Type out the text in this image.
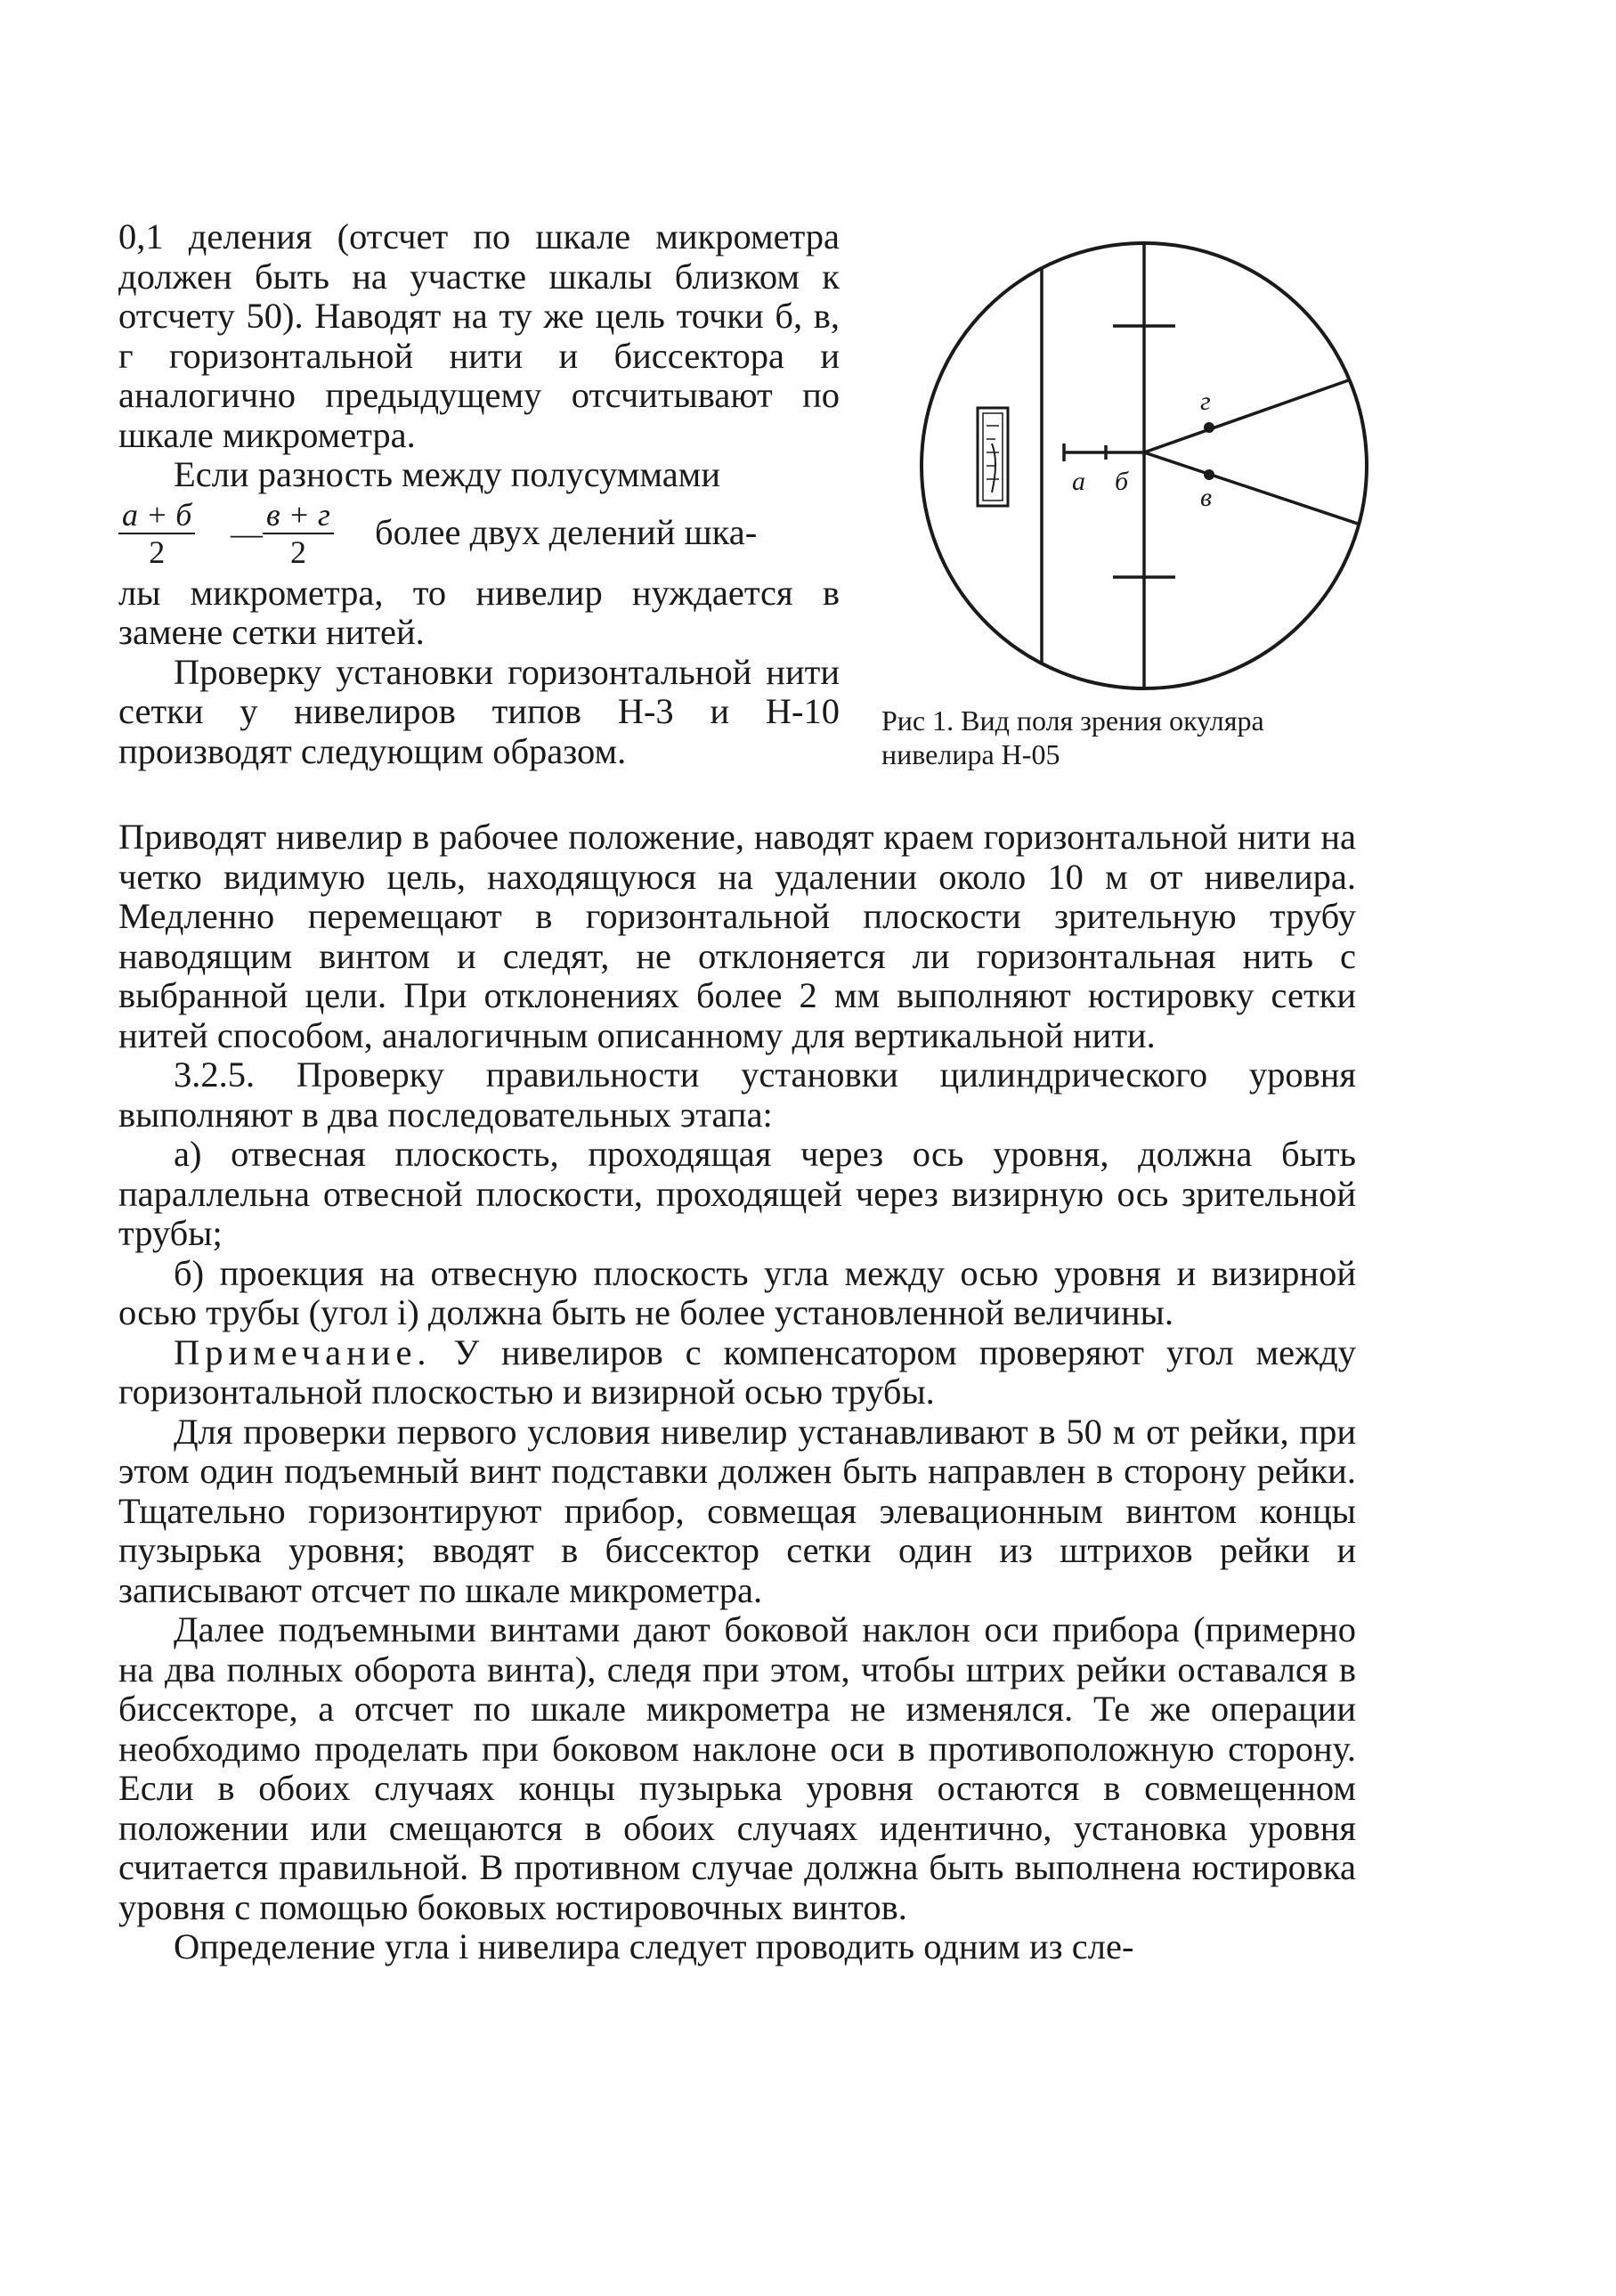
0,1 деления (отсчет по шкале микрометра должен быть на участке шкалы близком к отсчету 50). Наводят на ту же цель точки б, в, г горизонтальной нити и биссектора и аналогично предыдущему отсчитывают по шкале микрометра.

Если разность между полусуммами

а + б
2
—
в + г
2	более двух делений шка-

лы микрометра, то нивелир нуждается в замене сетки нитей.

Проверку установки горизонтальной нити сетки у нивелиров типов Н-3 и Н-10 производят следующим образом.

а б
г
в

Рис 1. Вид поля зрения окуляра нивелира Н-05

Приводят нивелир в рабочее положение, наводят краем горизонтальной нити на четко видимую цель, находящуюся на удалении около 10 м от нивелира. Медленно перемещают в горизонтальной плоскости зрительную трубу наводящим винтом и следят, не отклоняется ли горизонтальная нить с выбранной цели. При отклонениях более 2 мм выполняют юстировку сетки нитей способом, аналогичным описанному для вертикальной нити.

3.2.5. Проверку правильности установки цилиндрического уровня выполняют в два последовательных этапа:

а) отвесная плоскость, проходящая через ось уровня, должна быть параллельна отвесной плоскости, проходящей через визирную ось зрительной трубы;

б) проекция на отвесную плоскость угла между осью уровня и визирной осью трубы (угол i) должна быть не более установленной величины.

Примечание. У нивелиров с компенсатором проверяют угол между горизонтальной плоскостью и визирной осью трубы.

Для проверки первого условия нивелир устанавливают в 50 м от рейки, при этом один подъемный винт подставки должен быть направлен в сторону рейки. Тщательно горизонтируют прибор, совмещая элевационным винтом концы пузырька уровня; вводят в биссектор сетки один из штрихов рейки и записывают отсчет по шкале микрометра.

Далее подъемными винтами дают боковой наклон оси прибора (примерно на два полных оборота винта), следя при этом, чтобы штрих рейки оставался в биссекторе, а отсчет по шкале микрометра не изменялся. Те же операции необходимо проделать при боковом наклоне оси в противоположную сторону. Если в обоих случаях концы пузырька уровня остаются в совмещенном положении или смещаются в обоих случаях идентично, установка уровня считается правильной. В противном случае должна быть выполнена юстировка уровня с помощью боковых юстировочных винтов.

Определение угла i нивелира следует проводить одним из сле-
